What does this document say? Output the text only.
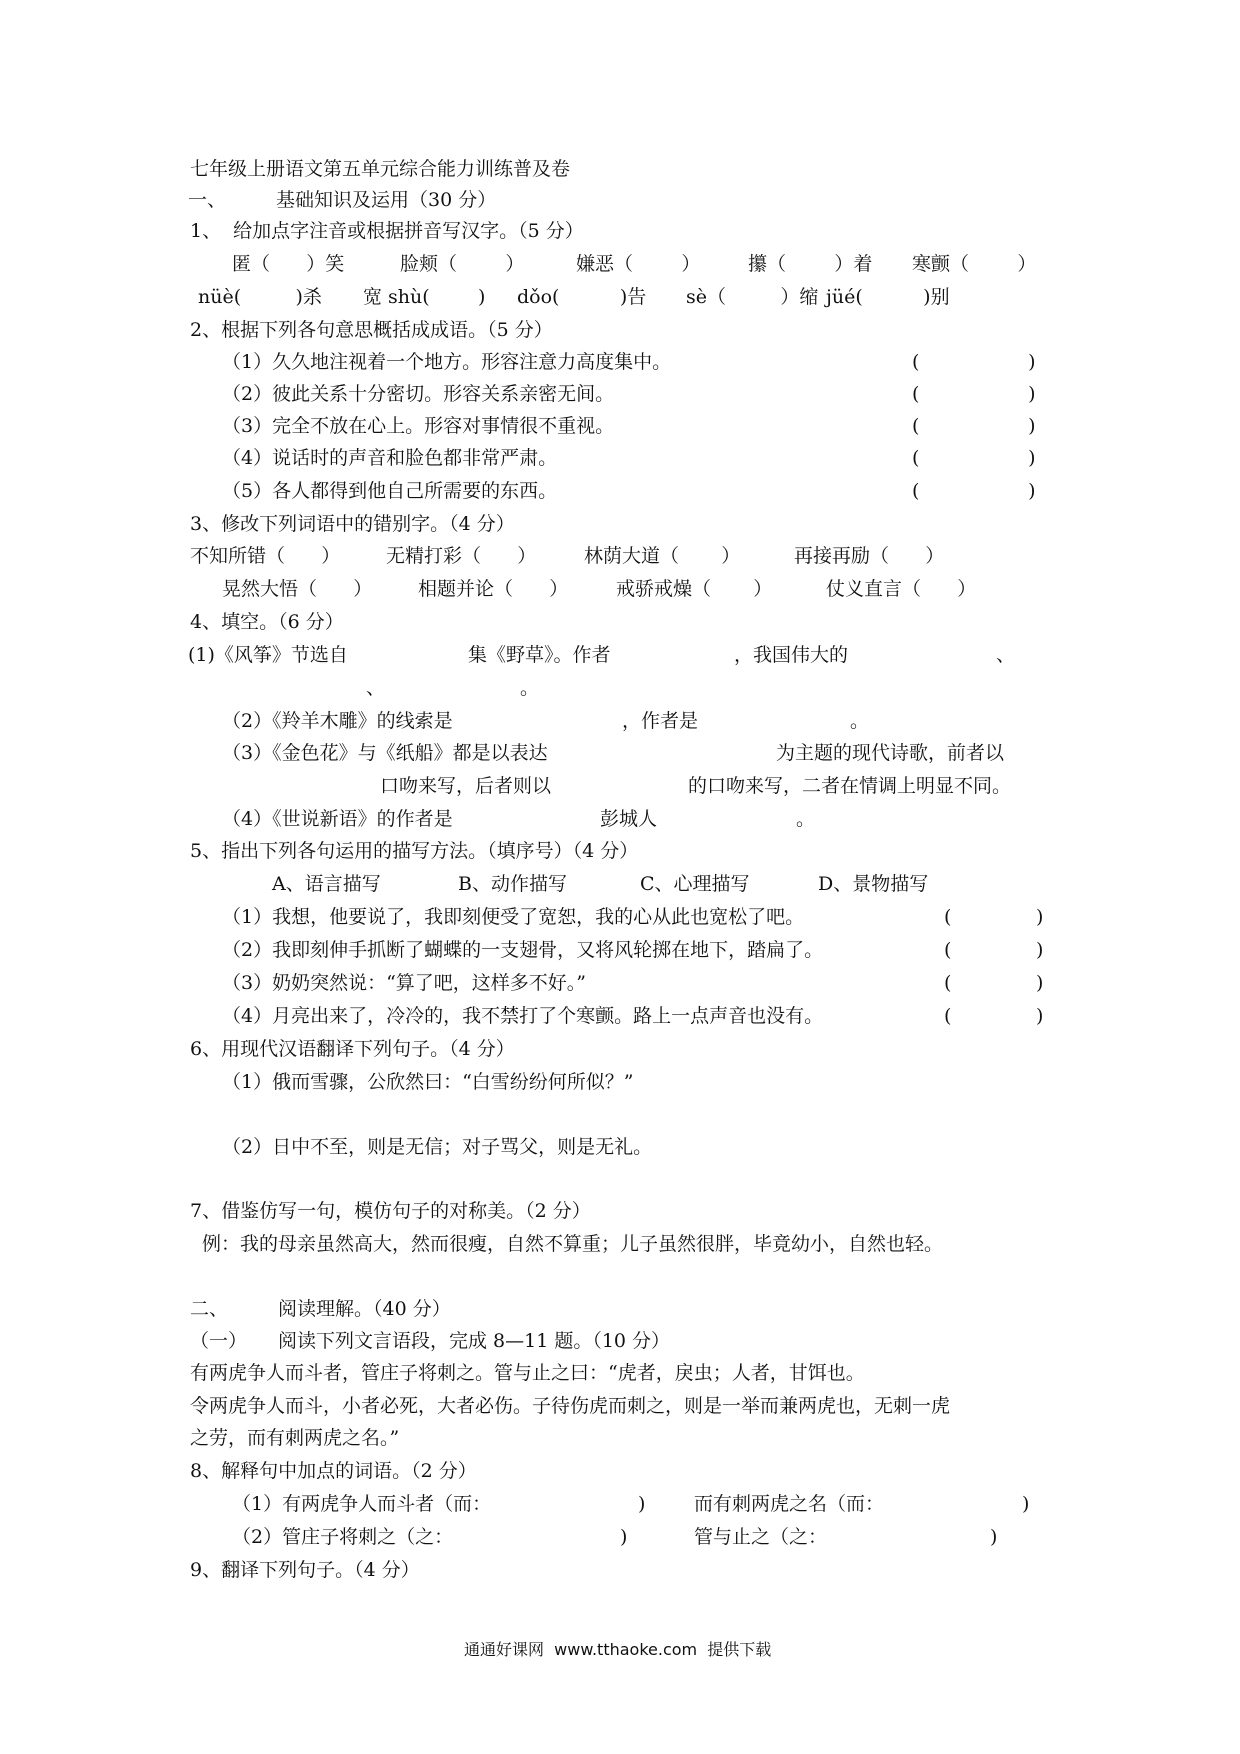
七年级上册语文第五单元综合能力训练普及卷
一、	基础知识及运用（30 分）
1、  给加点字注音或根据拼音写汉字。（5 分）
匿（      ）笑	脸颊（        ）	嫌恶（        ）	攥（        ）着 寒颤（        ）
nüè(         )杀 宽 shù(        ) dǒo(          )告 sè（         ）缩 jüé(          )别
2、根据下列各句意思概括成成语。（5 分）
（1）久久地注视着一个地方。形容注意力高度集中。	(                  )
（2）彼此关系十分密切。形容关系亲密无间。	(                  )
（3）完全不放在心上。形容对事情很不重视。	(                  )
（4）说话时的声音和脸色都非常严肃。	(                  )
（5）各人都得到他自己所需要的东西。	(                  )
3、修改下列词语中的错别字。（4 分）
不知所错（      ） 无精打彩（      ）	林荫大道（       ）	再接再励（      ）
晃然大悟（      ） 相题并论（      ）	戒骄戒燥（       ）	仗义直言（      ）
4、填空。（6 分）
(1)《风筝》节选自	集《野草》。作者	，我国伟大的	、
、	。
（2）《羚羊木雕》的线索是	，作者是	。
（3）《金色花》与《纸船》都是以表达	为主题的现代诗歌，前者以
口吻来写，后者则以	的口吻来写，二者在情调上明显不同。
（4）《世说新语》的作者是	彭城人	。
5、指出下列各句运用的描写方法。（填序号）（4 分）
A、语言描写	B、动作描写	C、心理描写	D、景物描写
（1）我想，他要说了，我即刻便受了宽恕，我的心从此也宽松了吧。	(              )
（2）我即刻伸手抓断了蝴蝶的一支翅骨，又将风轮掷在地下，踏扁了。	(              )
（3）奶奶突然说：“算了吧，这样多不好。”	(              )
（4）月亮出来了，冷冷的，我不禁打了个寒颤。路上一点声音也没有。	(              )
6、用现代汉语翻译下列句子。（4 分）
（1）俄而雪骤，公欣然曰：“白雪纷纷何所似？”
（2）日中不至，则是无信；对子骂父，则是无礼。
7、借鉴仿写一句，模仿句子的对称美。（2 分）
例：我的母亲虽然高大，然而很瘦，自然不算重；儿子虽然很胖，毕竟幼小，自然也轻。
二、	阅读理解。（40 分）
（一） 阅读下列文言语段，完成 8—11 题。（10 分）
有两虎争人而斗者，管庄子将刺之。管与止之曰：“虎者，戾虫；人者，甘饵也。
令两虎争人而斗，小者必死，大者必伤。子待伤虎而刺之，则是一举而兼两虎也，无刺一虎
之劳，而有刺两虎之名。”
8、解释句中加点的词语。（2 分）
（1）有两虎争人而斗者（而：	)	而有刺两虎之名（而：	)
（2）管庄子将刺之（之：	)	管与止之（之：	)
9、翻译下列句子。（4 分）
通通好课网  www.tthaoke.com  提供下载
